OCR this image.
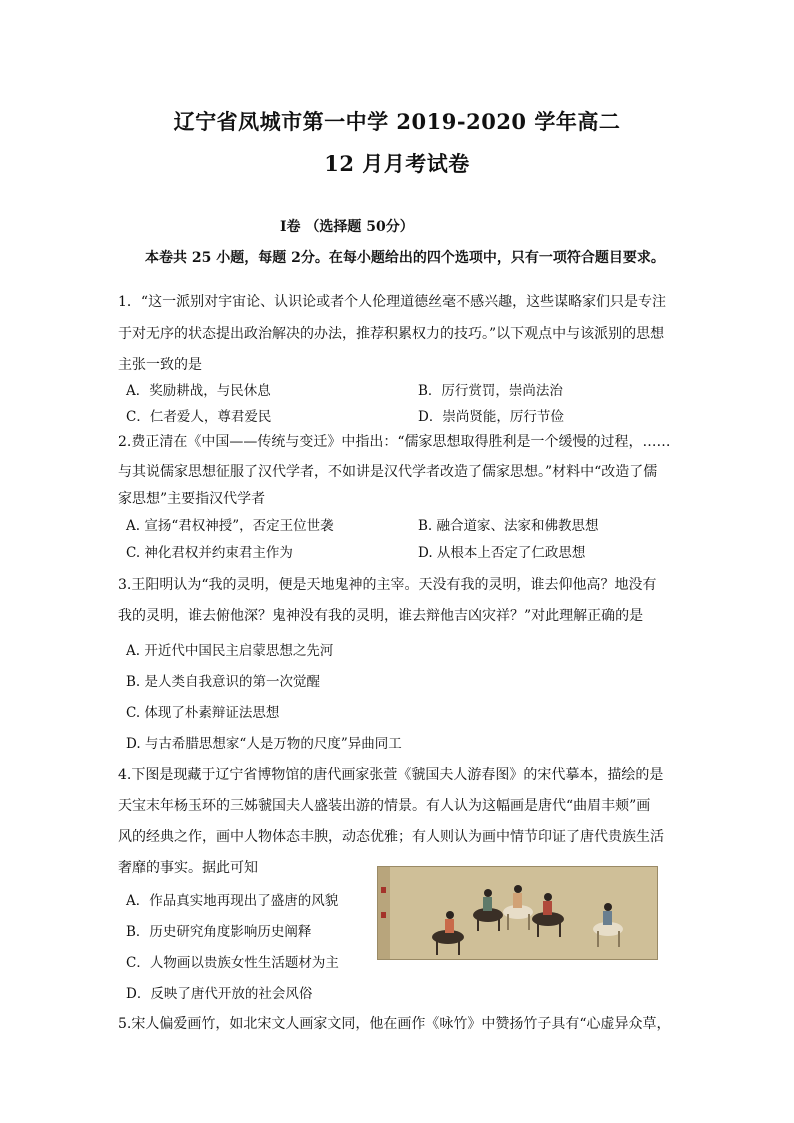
辽宁省凤城市第一中学 2019-2020 学年高二
12 月月考试卷
I卷 （选择题 50分）
本卷共 25 小题，每题 2分。在每小题给出的四个选项中，只有一项符合题目要求。
1．“这一派别对宇宙论、认识论或者个人伦理道德丝毫不感兴趣，这些谋略家们只是专注
于对无序的状态提出政治解决的办法，推荐积累权力的技巧。”以下观点中与该派别的思想
主张一致的是
A．奖励耕战，与民休息	B．厉行赏罚，崇尚法治
C．仁者爱人，尊君爱民	D．崇尚贤能，厉行节俭
2.费正清在《中国——传统与变迁》中指出：“儒家思想取得胜利是一个缓慢的过程，……
与其说儒家思想征服了汉代学者，不如讲是汉代学者改造了儒家思想。”材料中“改造了儒
家思想”主要指汉代学者
A. 宣扬“君权神授”，否定王位世袭	B. 融合道家、法家和佛教思想
C. 神化君权并约束君主作为	D. 从根本上否定了仁政思想
3.王阳明认为“我的灵明，便是天地鬼神的主宰。天没有我的灵明，谁去仰他高？地没有
我的灵明，谁去俯他深？鬼神没有我的灵明，谁去辩他吉凶灾祥？”对此理解正确的是
A. 开近代中国民主启蒙思想之先河
B. 是人类自我意识的第一次觉醒
C. 体现了朴素辩证法思想
D. 与古希腊思想家“人是万物的尺度”异曲同工
4.下图是现藏于辽宁省博物馆的唐代画家张萱《虢国夫人游春图》的宋代摹本，描绘的是
天宝末年杨玉环的三姊虢国夫人盛装出游的情景。有人认为这幅画是唐代“曲眉丰颊”画
风的经典之作，画中人物体态丰腴，动态优雅；有人则认为画中情节印证了唐代贵族生活
奢靡的事实。据此可知
A．作品真实地再现出了盛唐的风貌
B．历史研究角度影响历史阐释
C．人物画以贵族女性生活题材为主
D．反映了唐代开放的社会风俗
5.宋人偏爱画竹，如北宋文人画家文同，他在画作《咏竹》中赞扬竹子具有“心虚异众草，
